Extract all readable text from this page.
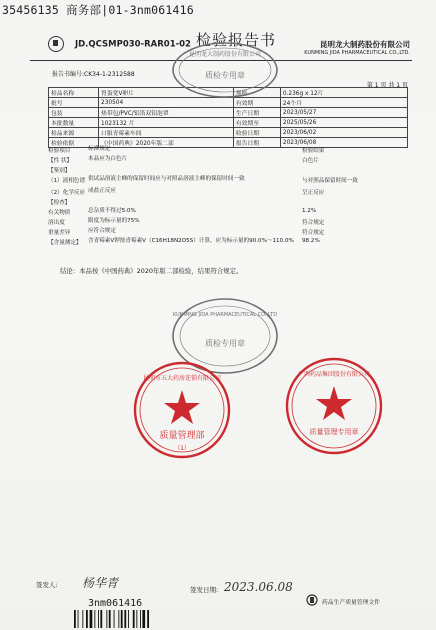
35456135 商务部|01-3nm061416
JD.QCSMP030-RAR01-02 检验报告书	昆明龙大制药股份有限公司
KUNMING JIDA PHARMACEUTICAL CO.,LTD.
报告书编号:CK34-1-2312588
第 1 页 共 1 页
检品名称	胃蛋宽V卵片	规格	0.236g x 12片
批号	230504	有效期	24个月
包装	热带包/PVC/铝箔双铝泡罩	生产日期	2023/05/27
本批数量	1023132 片	有效期至	2025/05/26
检品来源	口服青霉素车间	收验日期	2023/06/02
检验依据	《中国药典》2020年版二部	报告日期	2023/06/08
检验项目	标准规定	检验结果
【性 状】	本品应为白色片	白色片
【鉴别】
（1）液相色谱 供试品溶液主峰的保留时间应与对照品溶液主峰的保留时间一致	与对照品保留时间一致
（2）化学反应 成盐正反应	呈正反应
【检查】
有关物质	总杂质不得过5.0%	1.2%
溶出度	限度为标示量的75%	符合规定
重量差异	应符合规定	符合规定
【含量测定】 含青霉素V钾按青霉素V（C16H18N2O5S）计算，应为标示量的90.0%～110.0%	98.2%
结论：本品按《中国药典》2020年版二部检验，结果符合规定。
昆明龙大制药股份有限公司
质检专用章
KUNMING JIDA PHARMACEUTICAL CO.,LTD
质检专用章
昆明市五大药房连锁有限公司
质量管理部
（1）
广西药品集团股份有限公司
质量管理专用章
签发人: 杨华青	签发日期: 2023.06.08
药品生产质量管理文件
3nm061416
